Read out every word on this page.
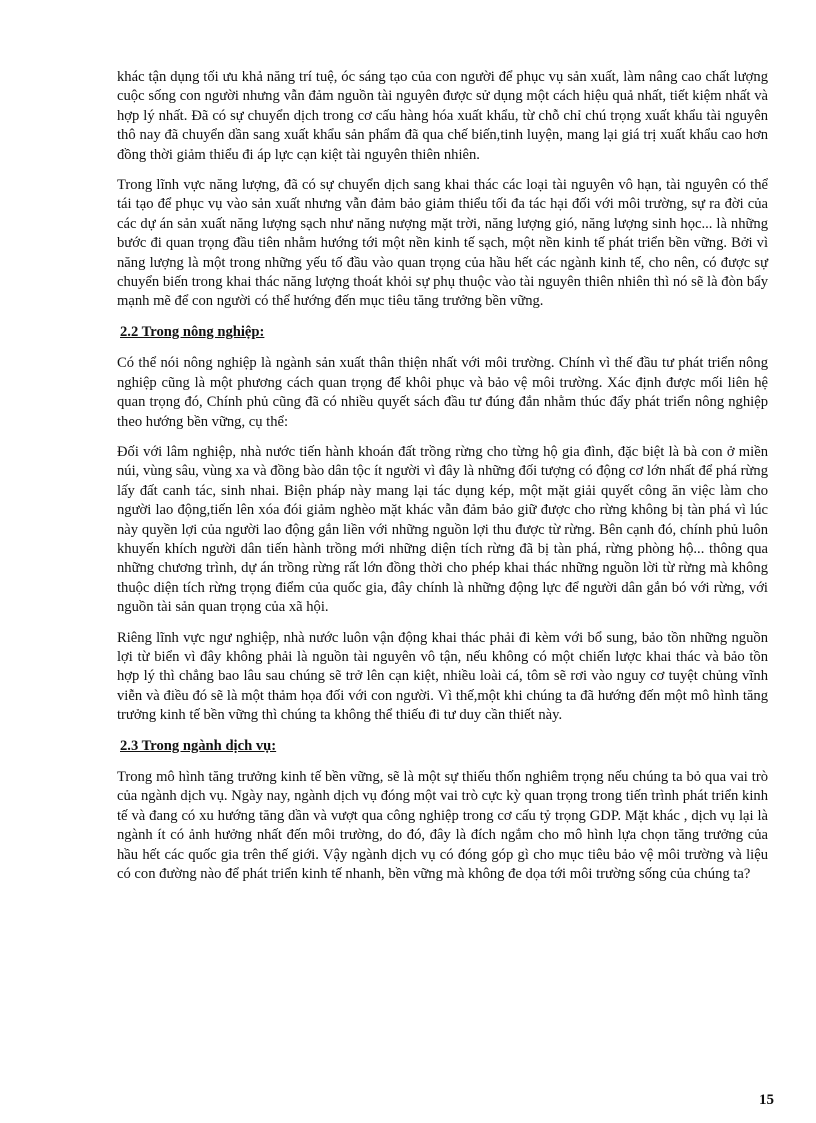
khác tận dụng tối ưu khả năng trí tuệ, óc sáng tạo của con người để phục vụ sản xuất, làm nâng cao chất lượng cuộc sống con người nhưng vẫn đảm nguồn tài nguyên được sử dụng một cách hiệu quả nhất, tiết kiệm nhất và hợp lý nhất. Đã có sự chuyển dịch trong cơ cấu hàng hóa xuất khẩu, từ chỗ chỉ chú trọng xuất khẩu tài nguyên thô nay đã chuyển dần sang xuất khẩu sản phẩm đã qua chế biến,tinh luyện, mang lại giá trị xuất khẩu cao hơn đồng thời giảm thiểu đi áp lực cạn kiệt tài nguyên thiên nhiên.

Trong lĩnh vực năng lượng, đã có sự chuyển dịch sang khai thác các loại tài nguyên vô hạn, tài nguyên có thể tái tạo để phục vụ vào sản xuất nhưng vẫn đảm bảo giảm thiểu tối đa tác hại đối với môi trường, sự ra đời của các dự án sản xuất năng lượng sạch như năng nượng mặt trời, năng lượng gió, năng lượng sinh học... là những bước đi quan trọng đầu tiên nhằm hướng tới một nền kinh tế sạch, một nền kinh tế phát triển bền vững. Bởi vì năng lượng là một trong những yếu tố đầu vào quan trọng của hầu hết các ngành kinh tế, cho nên, có được sự chuyển biến trong khai thác năng lượng thoát khỏi sự phụ thuộc vào tài nguyên thiên nhiên thì nó sẽ là đòn bẩy mạnh mẽ để con người có thể hướng đến mục tiêu tăng trưởng bền vững.

2.2 Trong nông nghiệp:

Có thể nói nông nghiệp là ngành sản xuất thân thiện nhất với môi trường. Chính vì thế đầu tư phát triển nông nghiệp cũng là một phương cách quan trọng để khôi phục và bảo vệ môi trường. Xác định được mối liên hệ quan trọng đó, Chính phủ cũng đã có nhiều quyết sách đầu tư đúng đắn nhằm thúc đẩy phát triển nông nghiệp theo hướng bền vững, cụ thể:

Đối với lâm nghiệp, nhà nước tiến hành khoán đất trồng rừng cho từng hộ gia đình, đặc biệt là bà con ở miền núi, vùng sâu, vùng xa và đồng bào dân tộc ít người vì đây là những đối tượng có động cơ lớn nhất để phá rừng lấy đất canh tác, sinh nhai. Biện pháp này mang lại tác dụng kép, một mặt giải quyết công ăn việc làm cho người lao động,tiến lên xóa đói giảm nghèo mặt khác vẫn đảm bảo giữ được cho rừng không bị tàn phá vì lúc này quyền lợi của người lao động gắn liền với những nguồn lợi thu được từ rừng. Bên cạnh đó, chính phủ luôn khuyến khích người dân tiến hành trồng mới những diện tích rừng đã bị tàn phá, rừng phòng hộ... thông qua những chương trình, dự án trồng rừng rất lớn đồng thời cho phép khai thác những nguồn lời từ rừng mà không thuộc diện tích rừng trọng điểm của quốc gia, đây chính là những động lực để người dân gắn bó với rừng, với nguồn tài sản quan trọng của xã hội.

Riêng lĩnh vực ngư nghiệp, nhà nước luôn vận động khai thác phải đi kèm với bổ sung, bảo tồn những nguồn lợi từ biển vì đây không phải là nguồn tài nguyên vô tận, nếu không có một chiến lược khai thác và bảo tồn hợp lý thì chẳng bao lâu sau chúng sẽ trở lên cạn kiệt, nhiều loài cá, tôm sẽ rơi vào nguy cơ tuyệt chủng vĩnh viễn và điều đó sẽ là một thảm họa đối với con người. Vì thế,một khi chúng ta đã hướng đến một mô hình tăng trưởng kinh tế bền vững thì chúng ta không thể thiếu đi tư duy cần thiết này.

2.3 Trong ngành dịch vụ:

Trong mô hình tăng trưởng kinh tế bền vững, sẽ là một sự thiếu thốn nghiêm trọng nếu chúng ta bỏ qua vai trò của ngành dịch vụ. Ngày nay, ngành dịch vụ đóng một vai trò cực kỳ quan trọng trong tiến trình phát triển kinh tế và đang có xu hướng tăng dần và vượt qua công nghiệp trong cơ cấu tỷ trọng GDP. Mặt khác , dịch vụ lại là ngành ít có ảnh hưởng nhất đến môi trường, do đó, đây là đích ngắm cho mô hình lựa chọn tăng trưởng của hầu hết các quốc gia trên thế giới. Vậy ngành dịch vụ có đóng góp gì cho mục tiêu bảo vệ môi trường và liệu có con đường nào để phát triển kinh tế nhanh, bền vững mà không đe dọa tới môi trường sống của chúng ta?

15
